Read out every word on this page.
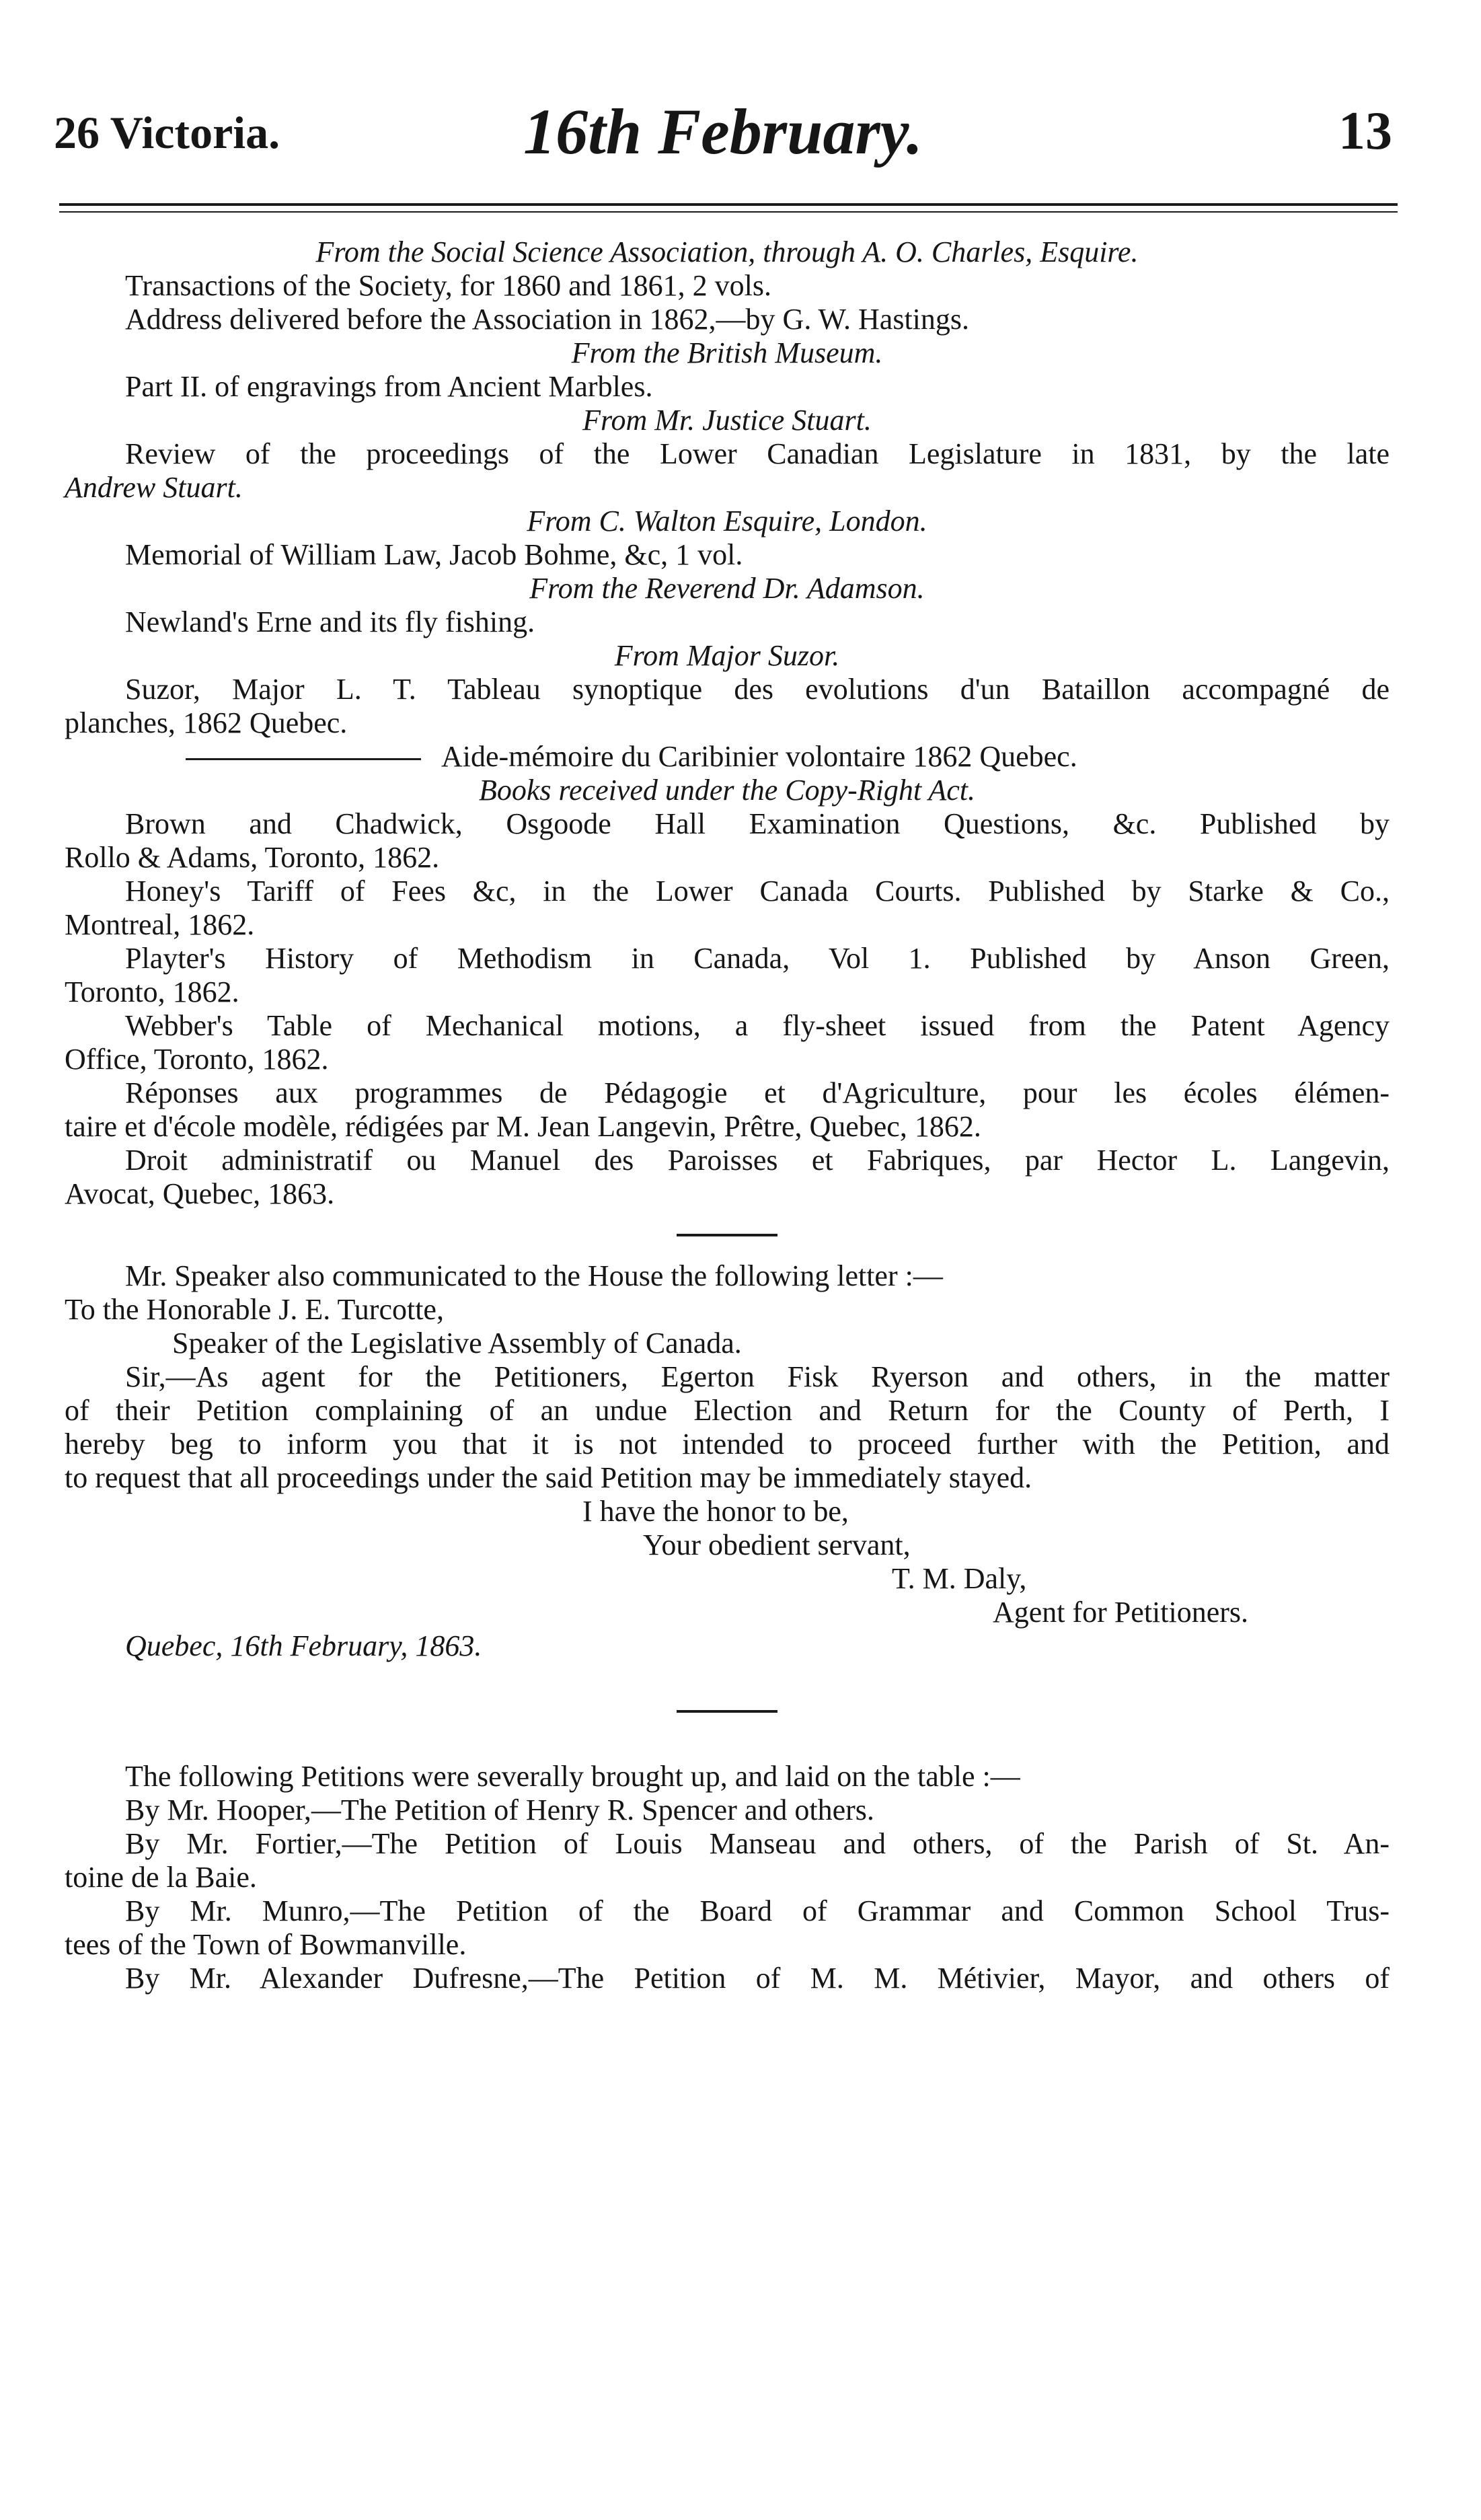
26 Victoria.	16th February.	13
From the Social Science Association, through A. O. Charles, Esquire.
Transactions of the Society, for 1860 and 1861, 2 vols.
Address delivered before the Association in 1862,—by G. W. Hastings.
From the British Museum.
Part II. of engravings from Ancient Marbles.
From Mr. Justice Stuart.
Review of the proceedings of the Lower Canadian Legislature in 1831, by the late
Andrew Stuart.
From C. Walton Esquire, London.
Memorial of William Law, Jacob Bohme, &c, 1 vol.
From the Reverend Dr. Adamson.
Newland's Erne and its fly fishing.
From Major Suzor.
Suzor, Major L. T. Tableau synoptique des evolutions d'un Bataillon accompagné de
planches, 1862 Quebec.
Aide-mémoire du Caribinier volontaire 1862 Quebec.
Books received under the Copy-Right Act.
Brown and Chadwick, Osgoode Hall Examination Questions, &c. Published by
Rollo & Adams, Toronto, 1862.
Honey's Tariff of Fees &c, in the Lower Canada Courts. Published by Starke & Co.,
Montreal, 1862.
Playter's History of Methodism in Canada, Vol 1. Published by Anson Green,
Toronto, 1862.
Webber's Table of Mechanical motions, a fly-sheet issued from the Patent Agency
Office, Toronto, 1862.
Réponses aux programmes de Pédagogie et d'Agriculture, pour les écoles élémen-
taire et d'école modèle, rédigées par M. Jean Langevin, Prêtre, Quebec, 1862.
Droit administratif ou Manuel des Paroisses et Fabriques, par Hector L. Langevin,
Avocat, Quebec, 1863.
Mr. Speaker also communicated to the House the following letter :—
To the Honorable J. E. Turcotte,
Speaker of the Legislative Assembly of Canada.
Sir,—As agent for the Petitioners, Egerton Fisk Ryerson and others, in the matter
of their Petition complaining of an undue Election and Return for the County of Perth, I
hereby beg to inform you that it is not intended to proceed further with the Petition, and
to request that all proceedings under the said Petition may be immediately stayed.
I have the honor to be,
Your obedient servant,
T. M. Daly,
Agent for Petitioners.
Quebec, 16th February, 1863.
The following Petitions were severally brought up, and laid on the table :—
By Mr. Hooper,—The Petition of Henry R. Spencer and others.
By Mr. Fortier,—The Petition of Louis Manseau and others, of the Parish of St. An-
toine de la Baie.
By Mr. Munro,—The Petition of the Board of Grammar and Common School Trus-
tees of the Town of Bowmanville.
By Mr. Alexander Dufresne,—The Petition of M. M. Métivier, Mayor, and others of
